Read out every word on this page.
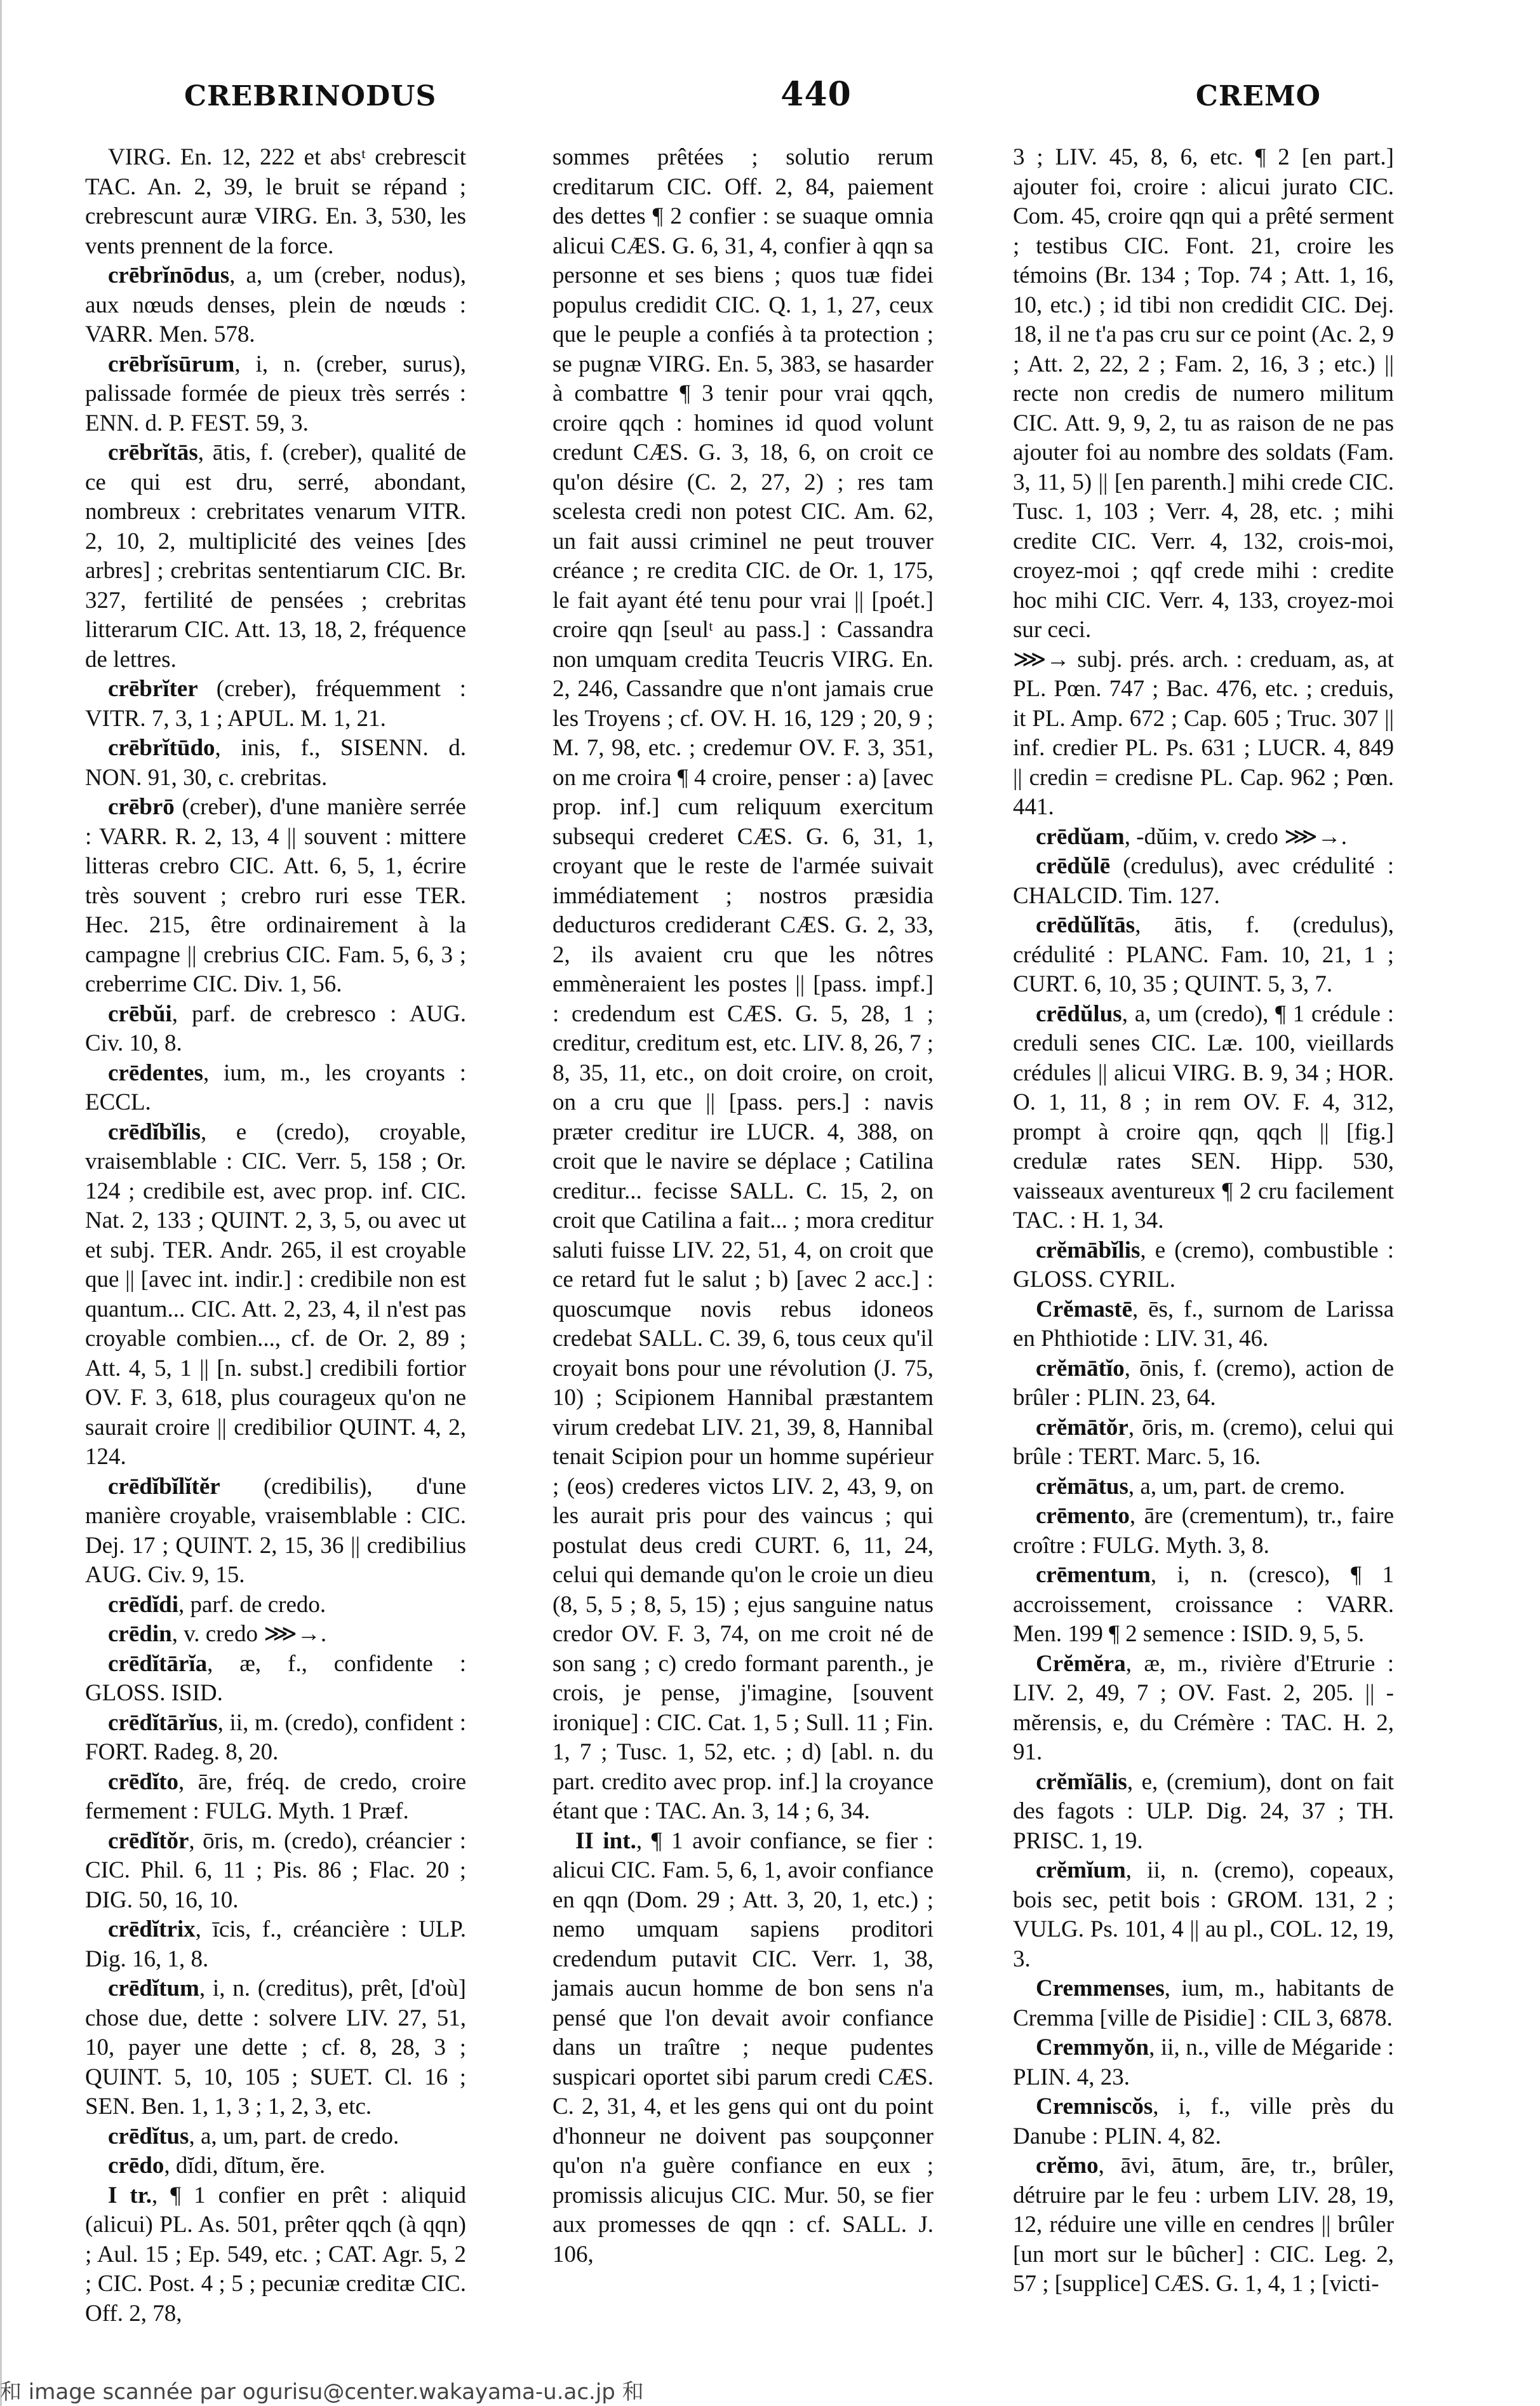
CREBRINODUS	440	CREMO

VIRG. En. 12, 222 et absᵗ crebrescit TAC. An. 2, 39, le bruit se répand ; crebrescunt auræ VIRG. En. 3, 530, les vents prennent de la force.

crēbrĭnōdus, a, um (creber, nodus), aux nœuds denses, plein de nœuds : VARR. Men. 578.

crēbrĭsūrum, i, n. (creber, surus), palissade formée de pieux très serrés : ENN. d. P. FEST. 59, 3.

crēbrĭtās, ātis, f. (creber), qualité de ce qui est dru, serré, abondant, nombreux : crebritates venarum VITR. 2, 10, 2, multiplicité des veines [des arbres] ; crebritas sententiarum CIC. Br. 327, fertilité de pensées ; crebritas litterarum CIC. Att. 13, 18, 2, fréquence de lettres.

crēbrĭter (creber), fréquemment : VITR. 7, 3, 1 ; APUL. M. 1, 21.

crēbrĭtūdo, inis, f., SISENN. d. NON. 91, 30, c. crebritas.

crēbrō (creber), d'une manière serrée : VARR. R. 2, 13, 4 || souvent : mittere litteras crebro CIC. Att. 6, 5, 1, écrire très souvent ; crebro ruri esse TER. Hec. 215, être ordinairement à la campagne || crebrius CIC. Fam. 5, 6, 3 ; creberrime CIC. Div. 1, 56.

crēbŭi, parf. de crebresco : AUG. Civ. 10, 8.

crēdentes, ium, m., les croyants : ECCL.

crēdĭbĭlis, e (credo), croyable, vraisemblable : CIC. Verr. 5, 158 ; Or. 124 ; credibile est, avec prop. inf. CIC. Nat. 2, 133 ; QUINT. 2, 3, 5, ou avec ut et subj. TER. Andr. 265, il est croyable que || [avec int. indir.] : credibile non est quantum... CIC. Att. 2, 23, 4, il n'est pas croyable combien..., cf. de Or. 2, 89 ; Att. 4, 5, 1 || [n. subst.] credibili fortior OV. F. 3, 618, plus courageux qu'on ne saurait croire || credibilior QUINT. 4, 2, 124.

crēdĭbĭlĭtĕr (credibilis), d'une manière croyable, vraisemblable : CIC. Dej. 17 ; QUINT. 2, 15, 36 || credibilius AUG. Civ. 9, 15.

crēdĭdi, parf. de credo.

crēdin, v. credo ⋙→.

crēdĭtārĭa, æ, f., confidente : GLOSS. ISID.

crēdĭtārĭus, ii, m. (credo), confident : FORT. Radeg. 8, 20.

crēdĭto, āre, fréq. de credo, croire fermement : FULG. Myth. 1 Præf.

crēdĭtŏr, ōris, m. (credo), créancier : CIC. Phil. 6, 11 ; Pis. 86 ; Flac. 20 ; DIG. 50, 16, 10.

crēdĭtrix, īcis, f., créancière : ULP. Dig. 16, 1, 8.

crēdĭtum, i, n. (creditus), prêt, [d'où] chose due, dette : solvere LIV. 27, 51, 10, payer une dette ; cf. 8, 28, 3 ; QUINT. 5, 10, 105 ; SUET. Cl. 16 ; SEN. Ben. 1, 1, 3 ; 1, 2, 3, etc.

crēdĭtus, a, um, part. de credo.

crēdo, dĭdi, dĭtum, ĕre.

I tr., ¶ 1 confier en prêt : aliquid (alicui) PL. As. 501, prêter qqch (à qqn) ; Aul. 15 ; Ep. 549, etc. ; CAT. Agr. 5, 2 ; CIC. Post. 4 ; 5 ; pecuniæ creditæ CIC. Off. 2, 78,

sommes prêtées ; solutio rerum creditarum CIC. Off. 2, 84, paiement des dettes ¶ 2 confier : se suaque omnia alicui CÆS. G. 6, 31, 4, confier à qqn sa personne et ses biens ; quos tuæ fidei populus credidit CIC. Q. 1, 1, 27, ceux que le peuple a confiés à ta protection ; se pugnæ VIRG. En. 5, 383, se hasarder à combattre ¶ 3 tenir pour vrai qqch, croire qqch : homines id quod volunt credunt CÆS. G. 3, 18, 6, on croit ce qu'on désire (C. 2, 27, 2) ; res tam scelesta credi non potest CIC. Am. 62, un fait aussi criminel ne peut trouver créance ; re credita CIC. de Or. 1, 175, le fait ayant été tenu pour vrai || [poét.] croire qqn [seulᵗ au pass.] : Cassandra non umquam credita Teucris VIRG. En. 2, 246, Cassandre que n'ont jamais crue les Troyens ; cf. OV. H. 16, 129 ; 20, 9 ; M. 7, 98, etc. ; credemur OV. F. 3, 351, on me croira ¶ 4 croire, penser : a) [avec prop. inf.] cum reliquum exercitum subsequi crederet CÆS. G. 6, 31, 1, croyant que le reste de l'armée suivait immédiatement ; nostros præsidia deducturos crediderant CÆS. G. 2, 33, 2, ils avaient cru que les nôtres emmèneraient les postes || [pass. impf.] : credendum est CÆS. G. 5, 28, 1 ; creditur, creditum est, etc. LIV. 8, 26, 7 ; 8, 35, 11, etc., on doit croire, on croit, on a cru que || [pass. pers.] : navis præter creditur ire LUCR. 4, 388, on croit que le navire se déplace ; Catilina creditur... fecisse SALL. C. 15, 2, on croit que Catilina a fait... ; mora creditur saluti fuisse LIV. 22, 51, 4, on croit que ce retard fut le salut ; b) [avec 2 acc.] : quoscumque novis rebus idoneos credebat SALL. C. 39, 6, tous ceux qu'il croyait bons pour une révolution (J. 75, 10) ; Scipionem Hannibal præstantem virum credebat LIV. 21, 39, 8, Hannibal tenait Scipion pour un homme supérieur ; (eos) crederes victos LIV. 2, 43, 9, on les aurait pris pour des vaincus ; qui postulat deus credi CURT. 6, 11, 24, celui qui demande qu'on le croie un dieu (8, 5, 5 ; 8, 5, 15) ; ejus sanguine natus credor OV. F. 3, 74, on me croit né de son sang ; c) credo formant parenth., je crois, je pense, j'imagine, [souvent ironique] : CIC. Cat. 1, 5 ; Sull. 11 ; Fin. 1, 7 ; Tusc. 1, 52, etc. ; d) [abl. n. du part. credito avec prop. inf.] la croyance étant que : TAC. An. 3, 14 ; 6, 34.

II int., ¶ 1 avoir confiance, se fier : alicui CIC. Fam. 5, 6, 1, avoir confiance en qqn (Dom. 29 ; Att. 3, 20, 1, etc.) ; nemo umquam sapiens proditori credendum putavit CIC. Verr. 1, 38, jamais aucun homme de bon sens n'a pensé que l'on devait avoir confiance dans un traître ; neque pudentes suspicari oportet sibi parum credi CÆS. C. 2, 31, 4, et les gens qui ont du point d'honneur ne doivent pas soupçonner qu'on n'a guère confiance en eux ; promissis alicujus CIC. Mur. 50, se fier aux promesses de qqn : cf. SALL. J. 106,

3 ; LIV. 45, 8, 6, etc. ¶ 2 [en part.] ajouter foi, croire : alicui jurato CIC. Com. 45, croire qqn qui a prêté serment ; testibus CIC. Font. 21, croire les témoins (Br. 134 ; Top. 74 ; Att. 1, 16, 10, etc.) ; id tibi non credidit CIC. Dej. 18, il ne t'a pas cru sur ce point (Ac. 2, 9 ; Att. 2, 22, 2 ; Fam. 2, 16, 3 ; etc.) || recte non credis de numero militum CIC. Att. 9, 9, 2, tu as raison de ne pas ajouter foi au nombre des soldats (Fam. 3, 11, 5) || [en parenth.] mihi crede CIC. Tusc. 1, 103 ; Verr. 4, 28, etc. ; mihi credite CIC. Verr. 4, 132, crois-moi, croyez-moi ; qqf crede mihi : credite hoc mihi CIC. Verr. 4, 133, croyez-moi sur ceci.

⋙→ subj. prés. arch. : creduam, as, at PL. Pœn. 747 ; Bac. 476, etc. ; creduis, it PL. Amp. 672 ; Cap. 605 ; Truc. 307 || inf. credier PL. Ps. 631 ; LUCR. 4, 849 || credin = credisne PL. Cap. 962 ; Pœn. 441.

crēdŭam, -dŭim, v. credo ⋙→.

crēdŭlē (credulus), avec crédulité : CHALCID. Tim. 127.

crēdŭlĭtās, ātis, f. (credulus), crédulité : PLANC. Fam. 10, 21, 1 ; CURT. 6, 10, 35 ; QUINT. 5, 3, 7.

crēdŭlus, a, um (credo), ¶ 1 crédule : creduli senes CIC. Læ. 100, vieillards crédules || alicui VIRG. B. 9, 34 ; HOR. O. 1, 11, 8 ; in rem OV. F. 4, 312, prompt à croire qqn, qqch || [fig.] credulæ rates SEN. Hipp. 530, vaisseaux aventureux ¶ 2 cru facilement TAC. : H. 1, 34.

crĕmābĭlis, e (cremo), combustible : GLOSS. CYRIL.

Crĕmastē, ēs, f., surnom de Larissa en Phthiotide : LIV. 31, 46.

crĕmātĭo, ōnis, f. (cremo), action de brûler : PLIN. 23, 64.

crĕmātŏr, ōris, m. (cremo), celui qui brûle : TERT. Marc. 5, 16.

crĕmātus, a, um, part. de cremo.

crēmento, āre (crementum), tr., faire croître : FULG. Myth. 3, 8.

crēmentum, i, n. (cresco), ¶ 1 accroissement, croissance : VARR. Men. 199 ¶ 2 semence : ISID. 9, 5, 5.

Crĕmĕra, æ, m., rivière d'Etrurie : LIV. 2, 49, 7 ; OV. Fast. 2, 205. || -mĕrensis, e, du Crémère : TAC. H. 2, 91.

crĕmĭālis, e, (cremium), dont on fait des fagots : ULP. Dig. 24, 37 ; TH. PRISC. 1, 19.

crĕmĭum, ii, n. (cremo), copeaux, bois sec, petit bois : GROM. 131, 2 ; VULG. Ps. 101, 4 || au pl., COL. 12, 19, 3.

Cremmenses, ium, m., habitants de Cremma [ville de Pisidie] : CIL 3, 6878.

Cremmyŏn, ii, n., ville de Mégaride : PLIN. 4, 23.

Cremniscŏs, i, f., ville près du Danube : PLIN. 4, 82.

crĕmo, āvi, ātum, āre, tr., brûler, détruire par le feu : urbem LIV. 28, 19, 12, réduire une ville en cendres || brûler [un mort sur le bûcher] : CIC. Leg. 2, 57 ; [supplice] CÆS. G. 1, 4, 1 ; [victi-

和 image scannée par ogurisu@center.wakayama-u.ac.jp 和
